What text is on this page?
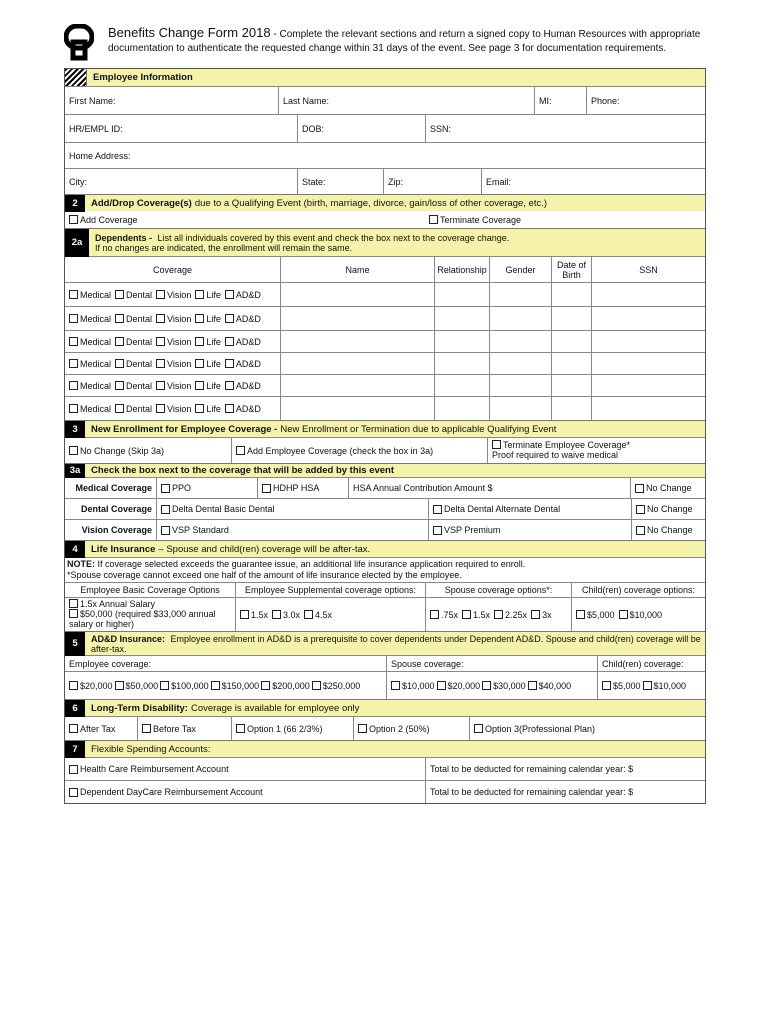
OU
Benefits Change Form 2018 - Complete the relevant sections and return a signed copy to Human Resources with appropriate
documentation to authenticate the requested change within 31 days of the event. See page 3 for documentation requirements.
Employee Information
First Name:	Last Name:	MI:	Phone:
HR/EMPL ID:	DOB:	SSN:
Home Address:
City:	State:	Zip:	Email:
2	Add/Drop Coverage(s) due to a Qualifying Event (birth, marriage, divorce, gain/loss of other coverage, etc.)
Add Coverage	Terminate Coverage
2a	Dependents - List all individuals covered by this event and check the box next to the coverage change.
If no changes are indicated, the enrollment will remain the same.
Coverage	Name	Relationship	Gender	Date of Birth	SSN
Medical Dental Vision Life AD&D
Medical Dental Vision Life AD&D
Medical Dental Vision Life AD&D
Medical Dental Vision Life AD&D
Medical Dental Vision Life AD&D
Medical Dental Vision Life AD&D
3	New Enrollment for Employee Coverage - New Enrollment or Termination due to applicable Qualifying Event
No Change (Skip 3a)	Add Employee Coverage (check the box in 3a)
Terminate Employee Coverage*
Proof required to waive medical
3a	Check the box next to the coverage that will be added by this event
Medical Coverage	PPO	HDHP HSA	HSA Annual Contribution Amount $	No Change
Dental Coverage	Delta Dental Basic Dental	Delta Dental Alternate Dental	No Change
Vision Coverage	VSP Standard	VSP Premium	No Change
4	Life Insurance – Spouse and child(ren) coverage will be after-tax.
NOTE: If coverage selected exceeds the guarantee issue, an additional life insurance application required to enroll.
*Spouse coverage cannot exceed one half of the amount of life insurance elected by the employee.
Employee Basic Coverage Options	Employee Supplemental coverage options:	Spouse coverage options*:	Child(ren) coverage options:
1.5x Annual Salary
$50,000 (required $33,000 annual salary or higher)
1.5x 3.0x 4.5x	.75x 1.5x 2.25x 3x	$5,000 $10,000
5	AD&D Insurance: Employee enrollment in AD&D is a prerequisite to cover dependents under Dependent AD&D. Spouse and child(ren) coverage will be after-tax.
Employee coverage:	Spouse coverage:	Child(ren) coverage:
$20,000 $50,000 $100,000 $150,000 $200,000 $250,000	$10,000 $20,000 $30,000 $40,000	$5,000 $10,000
6	Long-Term Disability: Coverage is available for employee only
After Tax	Before Tax	Option 1 (66 2/3%)	Option 2 (50%)	Option 3(Professional Plan)
7	Flexible Spending Accounts:
Health Care Reimbursement Account	Total to be deducted for remaining calendar year: $
Dependent DayCare Reimbursement Account	Total to be deducted for remaining calendar year: $
